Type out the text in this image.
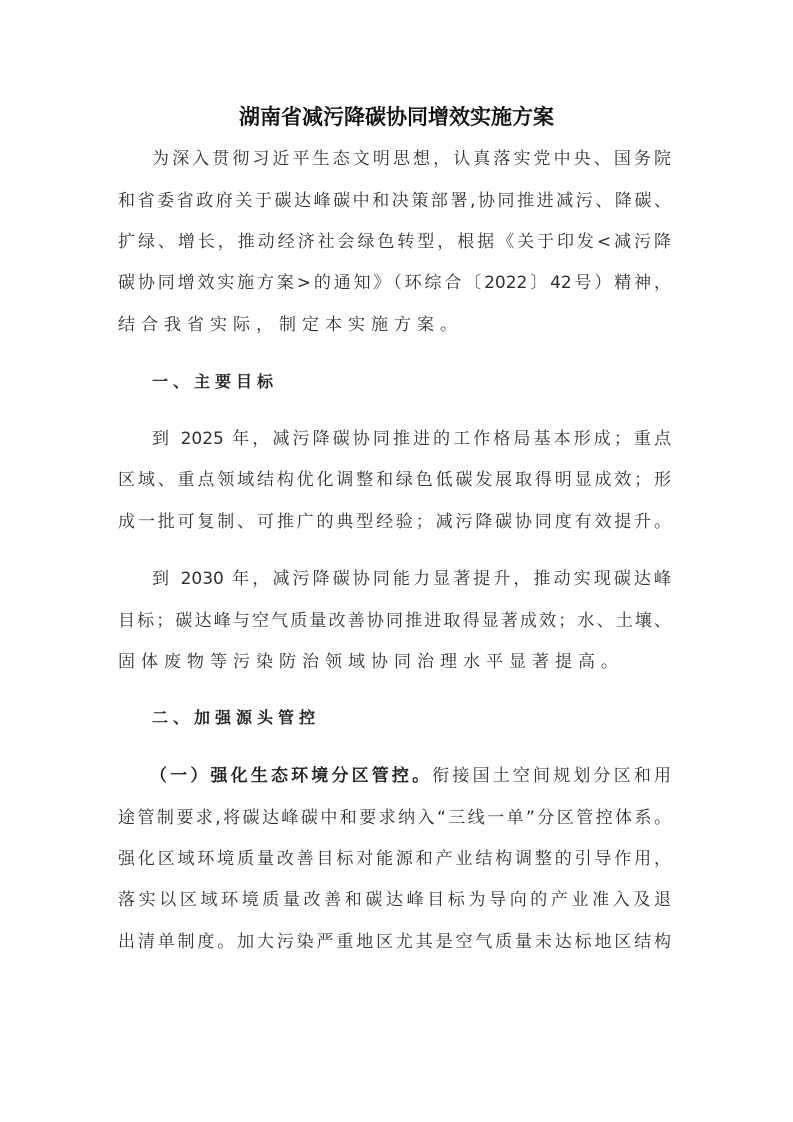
湖南省减污降碳协同增效实施方案

为深入贯彻习近平生态文明思想，认真落实党中央、国务院

和省委省政府关于碳达峰碳中和决策部署,协同推进减污、降碳、

扩绿、增长，推动经济社会绿色转型，根据《关于印发<减污降

碳协同增效实施方案>的通知》（环综合〔2022〕42号）精神，

结合我省实际，制定本实施方案。

一、主要目标

到 2025 年，减污降碳协同推进的工作格局基本形成；重点

区域、重点领域结构优化调整和绿色低碳发展取得明显成效；形

成一批可复制、可推广的典型经验；减污降碳协同度有效提升。

到 2030 年，减污降碳协同能力显著提升，推动实现碳达峰

目标；碳达峰与空气质量改善协同推进取得显著成效；水、土壤、

固体废物等污染防治领域协同治理水平显著提高。

二、加强源头管控

（一）强化生态环境分区管控。衔接国土空间规划分区和用

途管制要求,将碳达峰碳中和要求纳入“三线一单”分区管控体系。

强化区域环境质量改善目标对能源和产业结构调整的引导作用，

落实以区域环境质量改善和碳达峰目标为导向的产业准入及退

出清单制度。加大污染严重地区尤其是空气质量未达标地区结构
